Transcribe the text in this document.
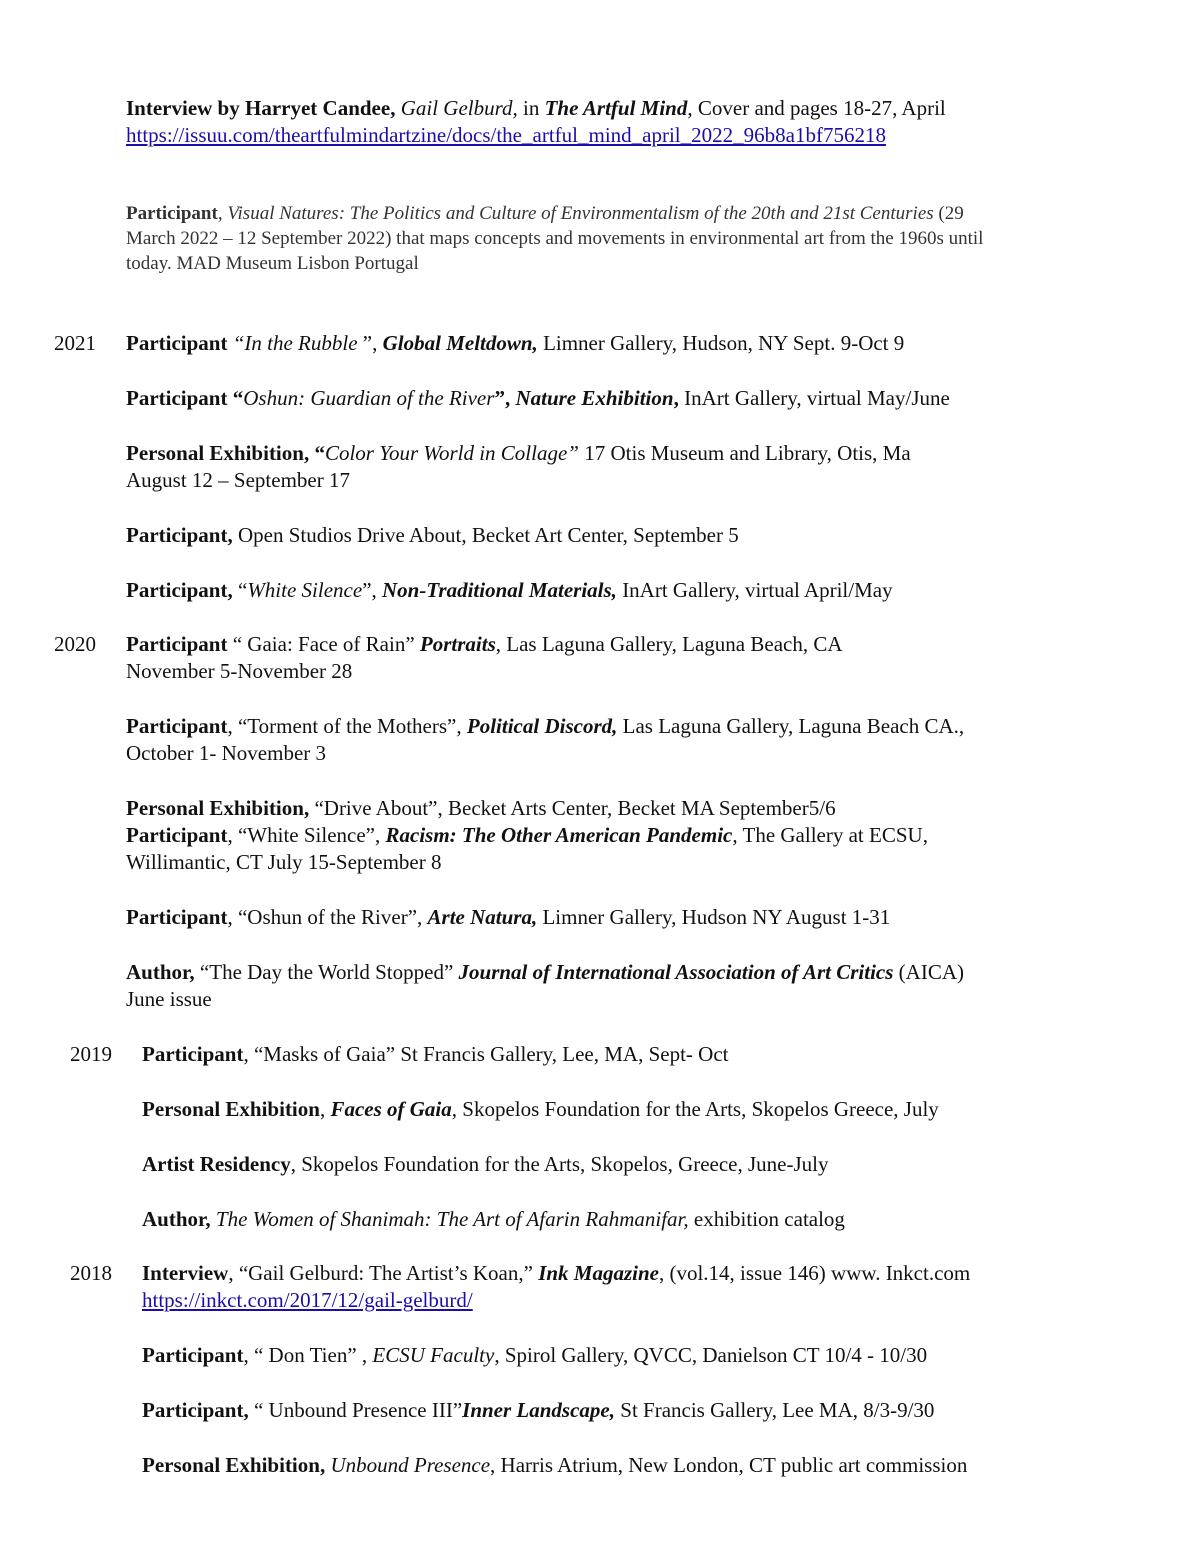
Interview by Harryet Candee, Gail Gelburd, in The Artful Mind, Cover and pages 18-27, April
https://issuu.com/theartfulmindartzine/docs/the_artful_mind_april_2022_96b8a1bf756218
Participant, Visual Natures: The Politics and Culture of Environmentalism of the 20th and 21st Centuries (29
March 2022 – 12 September 2022) that maps concepts and movements in environmental art from the 1960s until
today. MAD Museum Lisbon Portugal
2021 Participant “In the Rubble ”, Global Meltdown, Limner Gallery, Hudson, NY Sept. 9-Oct 9
Participant “Oshun: Guardian of the River”, Nature Exhibition, InArt Gallery, virtual May/June
Personal Exhibition, “Color Your World in Collage” 17 Otis Museum and Library, Otis, Ma
August 12 – September 17
Participant, Open Studios Drive About, Becket Art Center, September 5
Participant, “White Silence”, Non-Traditional Materials, InArt Gallery, virtual April/May
2020 Participant “ Gaia: Face of Rain” Portraits, Las Laguna Gallery, Laguna Beach, CA
November 5-November 28
Participant, “Torment of the Mothers”, Political Discord, Las Laguna Gallery, Laguna Beach CA.,
October 1- November 3
Personal Exhibition, “Drive About”, Becket Arts Center, Becket MA September5/6
Participant, “White Silence”, Racism: The Other American Pandemic, The Gallery at ECSU,
Willimantic, CT July 15-September 8
Participant, “Oshun of the River”, Arte Natura, Limner Gallery, Hudson NY August 1-31
Author, “The Day the World Stopped” Journal of International Association of Art Critics (AICA)
June issue
2019 Participant, “Masks of Gaia” St Francis Gallery, Lee, MA, Sept- Oct
Personal Exhibition, Faces of Gaia, Skopelos Foundation for the Arts, Skopelos Greece, July
Artist Residency, Skopelos Foundation for the Arts, Skopelos, Greece, June-July
Author, The Women of Shanimah: The Art of Afarin Rahmanifar, exhibition catalog
2018 Interview, “Gail Gelburd: The Artist’s Koan,” Ink Magazine, (vol.14, issue 146) www. Inkct.com
https://inkct.com/2017/12/gail-gelburd/
Participant, “ Don Tien” , ECSU Faculty, Spirol Gallery, QVCC, Danielson CT 10/4 - 10/30
Participant, “ Unbound Presence III”Inner Landscape, St Francis Gallery, Lee MA, 8/3-9/30
Personal Exhibition, Unbound Presence, Harris Atrium, New London, CT public art commission
